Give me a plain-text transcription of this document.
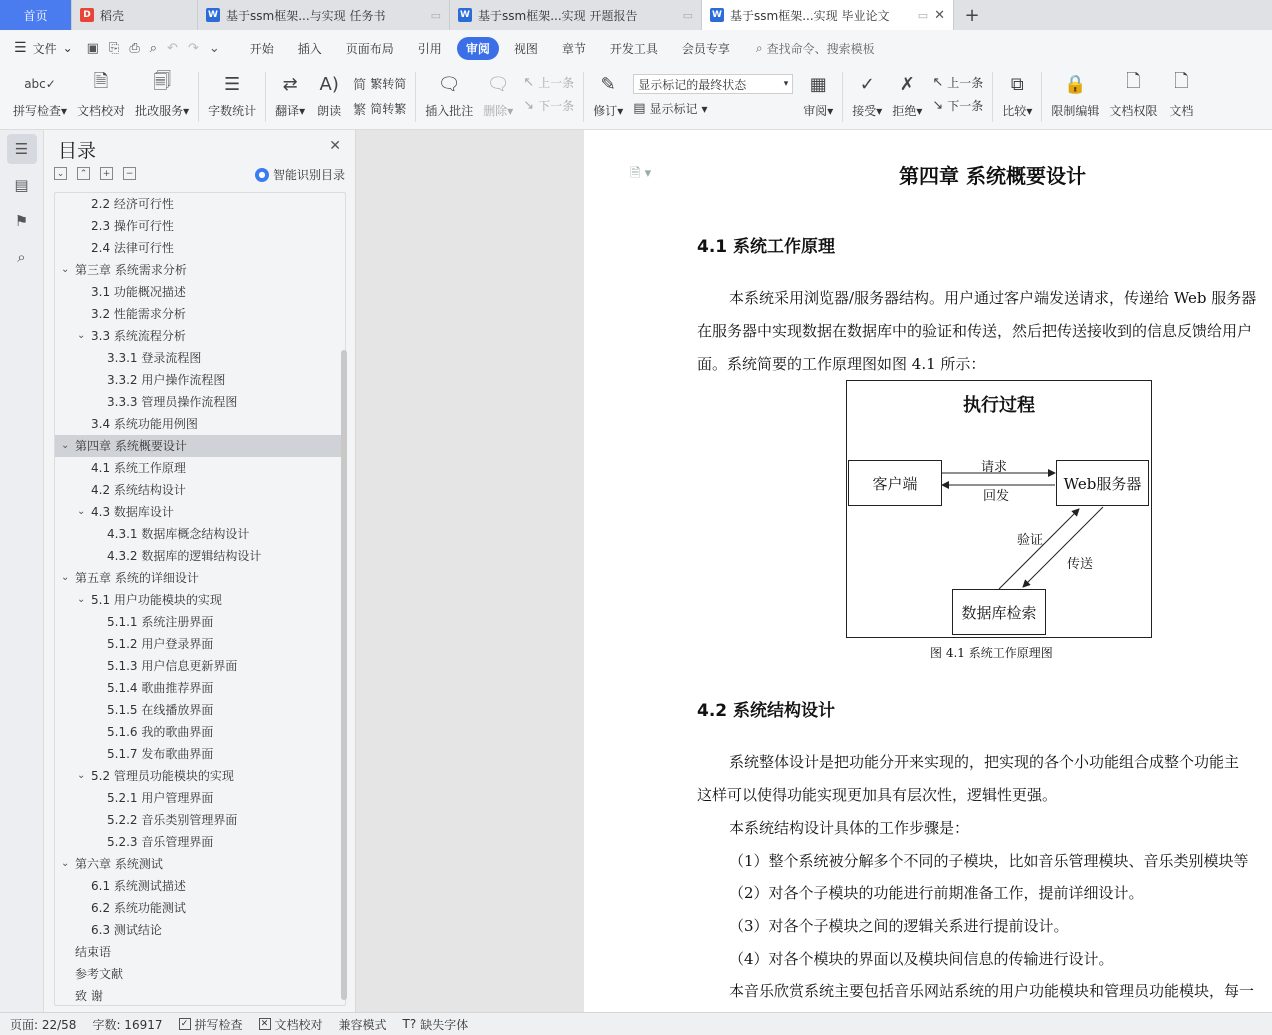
首页	D 稻壳	W 基于ssm框架...与实现 任务书	▭ W 基于ssm框架...实现 开题报告	▭ W 基于ssm框架...实现 毕业论文	▭ ✕	+
☰ 文件 ⌄ ▣ ⎘ ⎙ ⌕ ↶ ↷ ⌄	开始	插入	页面布局	引用	审阅	视图	章节	开发工具	会员专享	⌕ 查找命令、搜索模板
abc✓
拼写检查▾
🗎
文档校对
🗐
批改服务▾
☰
字数统计
⇄
翻译▾
A)
朗读
简 繁转简
繁 简转繁
🗨
插入批注
🗨
删除▾
↖ 上一条
↘ 下一条
✎
修订▾
显示标记的最终状态	▾
▤ 显示标记 ▾
▦
审阅▾
✓
接受▾
✗
拒绝▾
↖ 上一条
↘ 下一条
⧉
比较▾
🔒
限制编辑
🗋
文档权限
🗋
文档
☰
▤
⚑
⌕
目录	✕
⌄	⌃	+	−	● 智能识别目录
2.2 经济可行性
2.3 操作可行性
2.4 法律可行性
⌄ 第三章 系统需求分析
3.1 功能概况描述
3.2 性能需求分析
⌄ 3.3 系统流程分析
3.3.1 登录流程图
3.3.2 用户操作流程图
3.3.3 管理员操作流程图
3.4 系统功能用例图
⌄ 第四章 系统概要设计
4.1 系统工作原理
4.2 系统结构设计
⌄ 4.3 数据库设计
4.3.1 数据库概念结构设计
4.3.2 数据库的逻辑结构设计
⌄ 第五章 系统的详细设计
⌄ 5.1 用户功能模块的实现
5.1.1 系统注册界面
5.1.2 用户登录界面
5.1.3 用户信息更新界面
5.1.4 歌曲推荐界面
5.1.5 在线播放界面
5.1.6 我的歌曲界面
5.1.7 发布歌曲界面
⌄ 5.2 管理员功能模块的实现
5.2.1 用户管理界面
5.2.2 音乐类别管理界面
5.2.3 音乐管理界面
⌄ 第六章 系统测试
6.1 系统测试描述
6.2 系统功能测试
6.3 测试结论
结束语
参考文献
致 谢
🗎 ▾	第四章 系统概要设计
4.1 系统工作原理
本系统采用浏览器/服务器结构。用户通过客户端发送请求，传递给 Web 服务器
在服务器中实现数据在数据库中的验证和传送，然后把传送接收到的信息反馈给用户
面。系统简要的工作原理图如图 4.1 所示：
执行过程
客户端	Web服务器
数据库检索
请求
回发
验证
传送
图 4.1 系统工作原理图
4.2 系统结构设计
系统整体设计是把功能分开来实现的，把实现的各个小功能组合成整个功能主
这样可以使得功能实现更加具有层次性，逻辑性更强。
本系统结构设计具体的工作步骤是：
（1）整个系统被分解多个不同的子模块，比如音乐管理模块、音乐类别模块等
（2）对各个子模块的功能进行前期准备工作，提前详细设计。
（3）对各个子模块之间的逻辑关系进行提前设计。
（4）对各个模块的界面以及模块间信息的传输进行设计。
本音乐欣赏系统主要包括音乐网站系统的用户功能模块和管理员功能模块，每一
页面: 22/58 字数: 16917 ✓ 拼写检查 ✕ 文档校对 兼容模式 T? 缺失字体
